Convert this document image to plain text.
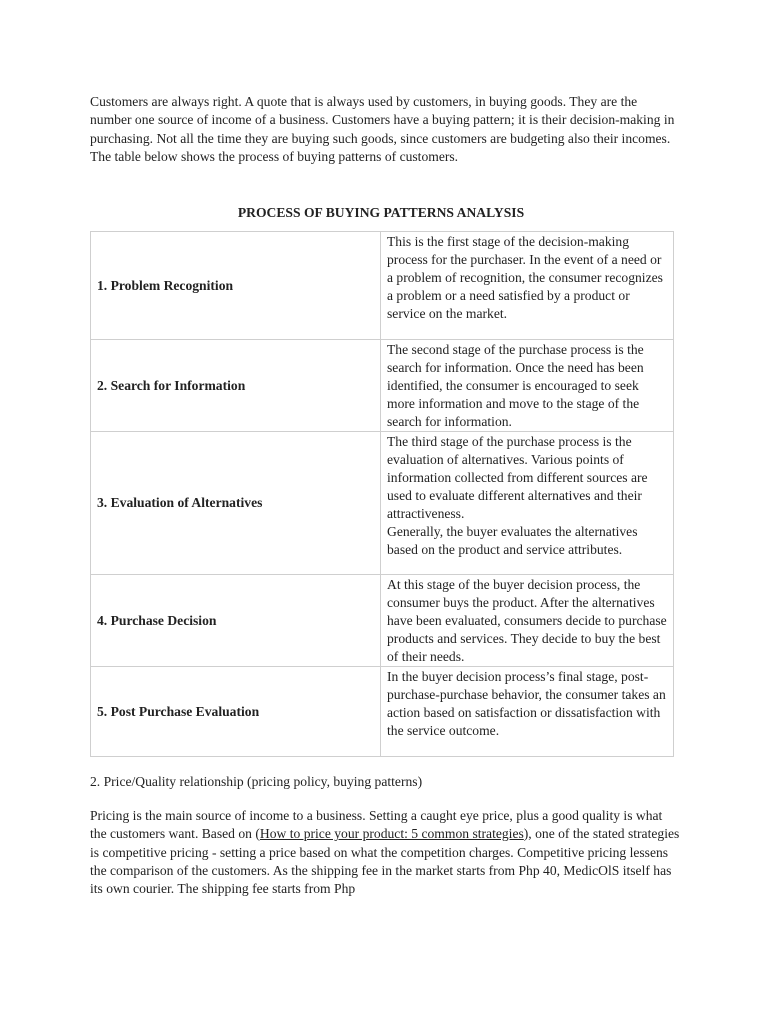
Customers are always right. A quote that is always used by customers, in buying goods. They are the number one source of income of a business. Customers have a buying pattern; it is their decision-making in purchasing. Not all the time they are buying such goods, since customers are budgeting also their incomes. The table below shows the process of buying patterns of customers.

PROCESS OF BUYING PATTERNS ANALYSIS
1. Problem Recognition	This is the first stage of the decision-making process for the purchaser. In the event of a need or a problem of recognition, the consumer recognizes a problem or a need satisfied by a product or service on the market.

2. Search for Information	The second stage of the purchase process is the search for information. Once the need has been identified, the consumer is encouraged to seek more information and move to the stage of the search for information.

3. Evaluation of Alternatives	The third stage of the purchase process is the evaluation of alternatives. Various points of information collected from different sources are used to evaluate different alternatives and their attractiveness.
Generally, the buyer evaluates the alternatives based on the product and service attributes.

4. Purchase Decision	At this stage of the buyer decision process, the consumer buys the product. After the alternatives have been evaluated, consumers decide to purchase products and services. They decide to buy the best of their needs.

5. Post Purchase Evaluation	In the buyer decision process’s final stage, post-purchase-purchase behavior, the consumer takes an action based on satisfaction or dissatisfaction with the service outcome.

2. Price/Quality relationship (pricing policy, buying patterns)

Pricing is the main source of income to a business. Setting a caught eye price, plus a good quality is what the customers want. Based on (How to price your product: 5 common strategies), one of the stated strategies is competitive pricing - setting a price based on what the competition charges. Competitive pricing lessens the comparison of the customers. As the shipping fee in the market starts from Php 40, MedicOlS itself has its own courier. The shipping fee starts from Php
